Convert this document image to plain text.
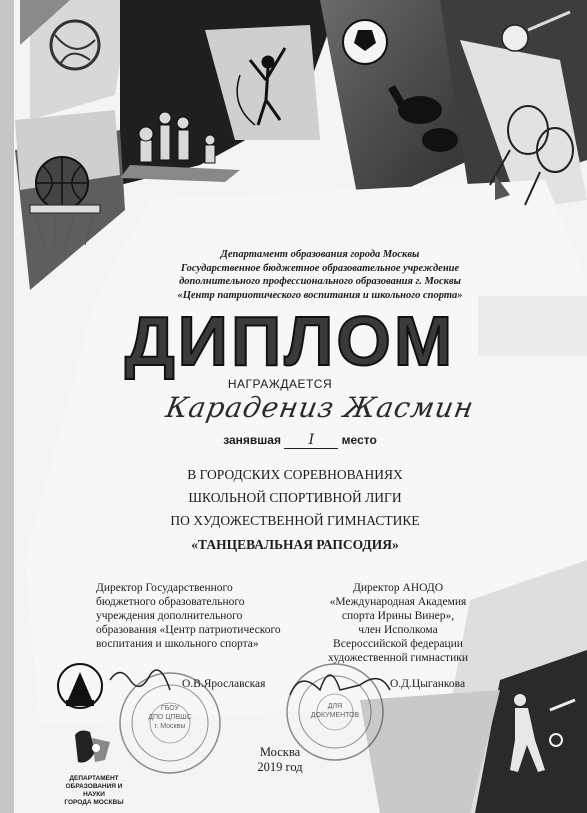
Департамент образования города Москвы
Государственное бюджетное образовательное учреждение
дополнительного профессионального образования г. Москвы
«Центр патриотического воспитания и школьного спорта»
ДИПЛОМ
НАГРАЖДАЕТСЯ
Карадениз Жасмин
занявшая I место
В ГОРОДСКИХ СОРЕВНОВАНИЯХ
ШКОЛЬНОЙ СПОРТИВНОЙ ЛИГИ
ПО ХУДОЖЕСТВЕННОЙ ГИМНАСТИКЕ
«ТАНЦЕВАЛЬНАЯ РАПСОДИЯ»
Директор Государственного
бюджетного образовательного
учреждения дополнительного
образования «Центр патриотического
воспитания и школьного спорта»
Директор АНОДО
«Международная Академия
спорта Ирины Винер»,
член Исполкома
Всероссийской федерации
художественной гимнастики
О.В.Ярославская	О.Д.Цыганкова
ГБОУ
ДПО ЦПВШС
г. Москвы
ДЛЯ
ДОКУМЕНТОВ
Москва
2019 год
ДЕПАРТАМЕНТ
ОБРАЗОВАНИЯ И НАУКИ
ГОРОДА МОСКВЫ
